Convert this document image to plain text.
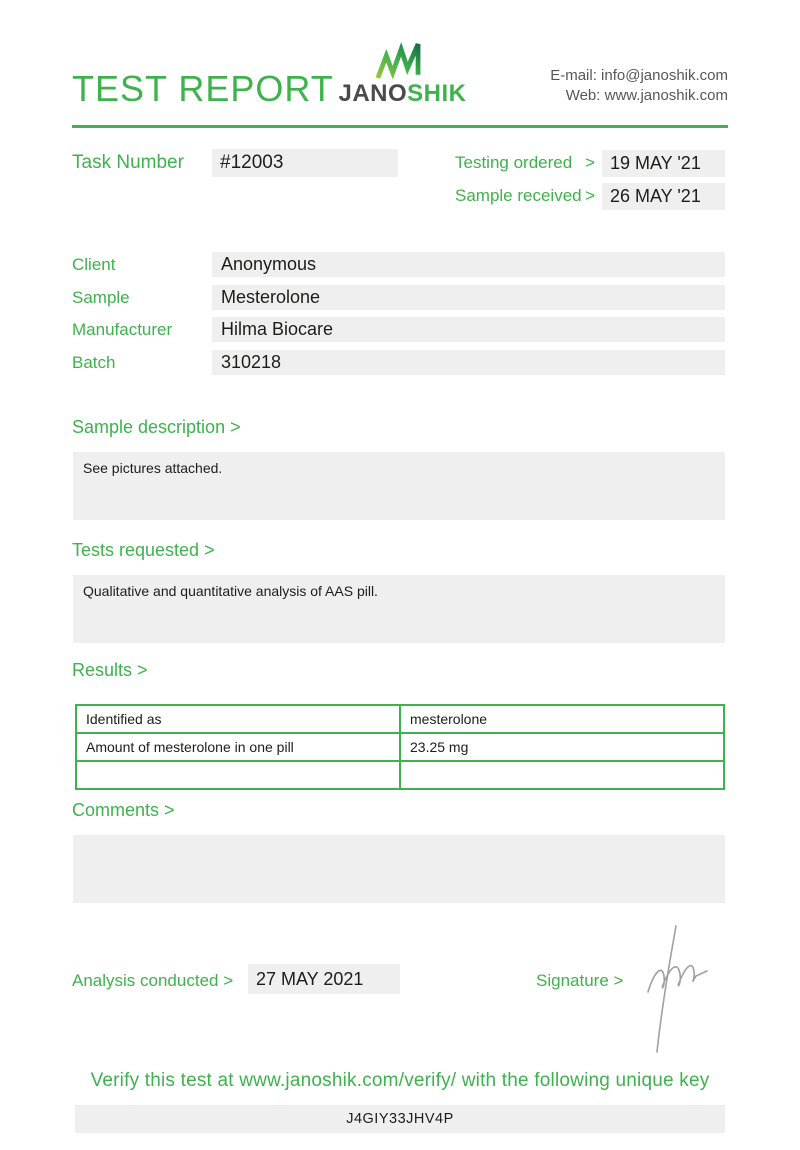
TEST REPORT JANOSHIK
E-mail: info@janoshik.com
Web: www.janoshik.com
Task Number	#12003	Testing ordered > 19 MAY '21
Sample received > 26 MAY '21
Client	Anonymous
Sample	Mesterolone
Manufacturer	Hilma Biocare
Batch	310218
Sample description >
See pictures attached.
Tests requested >
Qualitative and quantitative analysis of AAS pill.
Results >
Identified as	mesterolone
Amount of mesterolone in one pill	23.25 mg

Comments >
Analysis conducted >	27 MAY 2021	Signature >
Verify this test at www.janoshik.com/verify/ with the following unique key
J4GIY33JHV4P
